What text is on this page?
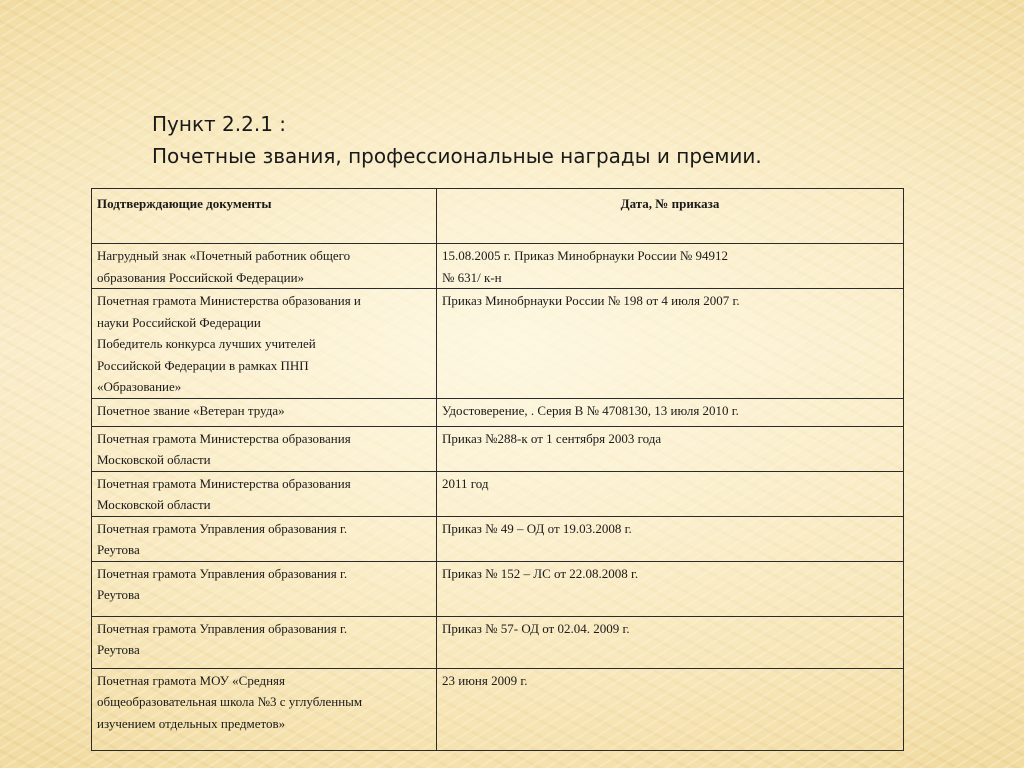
Пункт 2.2.1 :
Почетные звания, профессиональные награды и премии.
Подтверждающие документы	Дата, № приказа

Нагрудный знак «Почетный работник общего
образования Российской Федерации»	15.08.2005 г. Приказ Минобрнауки России № 94912
№ 631/ к-н

Почетная грамота Министерства образования и
науки Российской Федерации
Победитель конкурса лучших учителей
Российской Федерации в рамках ПНП
«Образование»	Приказ Минобрнауки России № 198 от 4 июля 2007 г.

Почетное звание «Ветеран труда»	Удостоверение, . Серия В № 4708130, 13 июля 2010 г.

Почетная грамота Министерства образования
Московской области	Приказ №288-к от 1 сентября 2003 года

Почетная грамота Министерства образования
Московской области	2011 год

Почетная грамота Управления образования г.
Реутова	Приказ № 49 – ОД от 19.03.2008 г.

Почетная грамота Управления образования г.
Реутова	Приказ № 152 – ЛС от 22.08.2008 г.

Почетная грамота Управления образования г.
Реутова	Приказ № 57- ОД от 02.04. 2009 г.

Почетная грамота МОУ «Средняя
общеобразовательная школа №3 с углубленным
изучением отдельных предметов»	23 июня 2009 г.
